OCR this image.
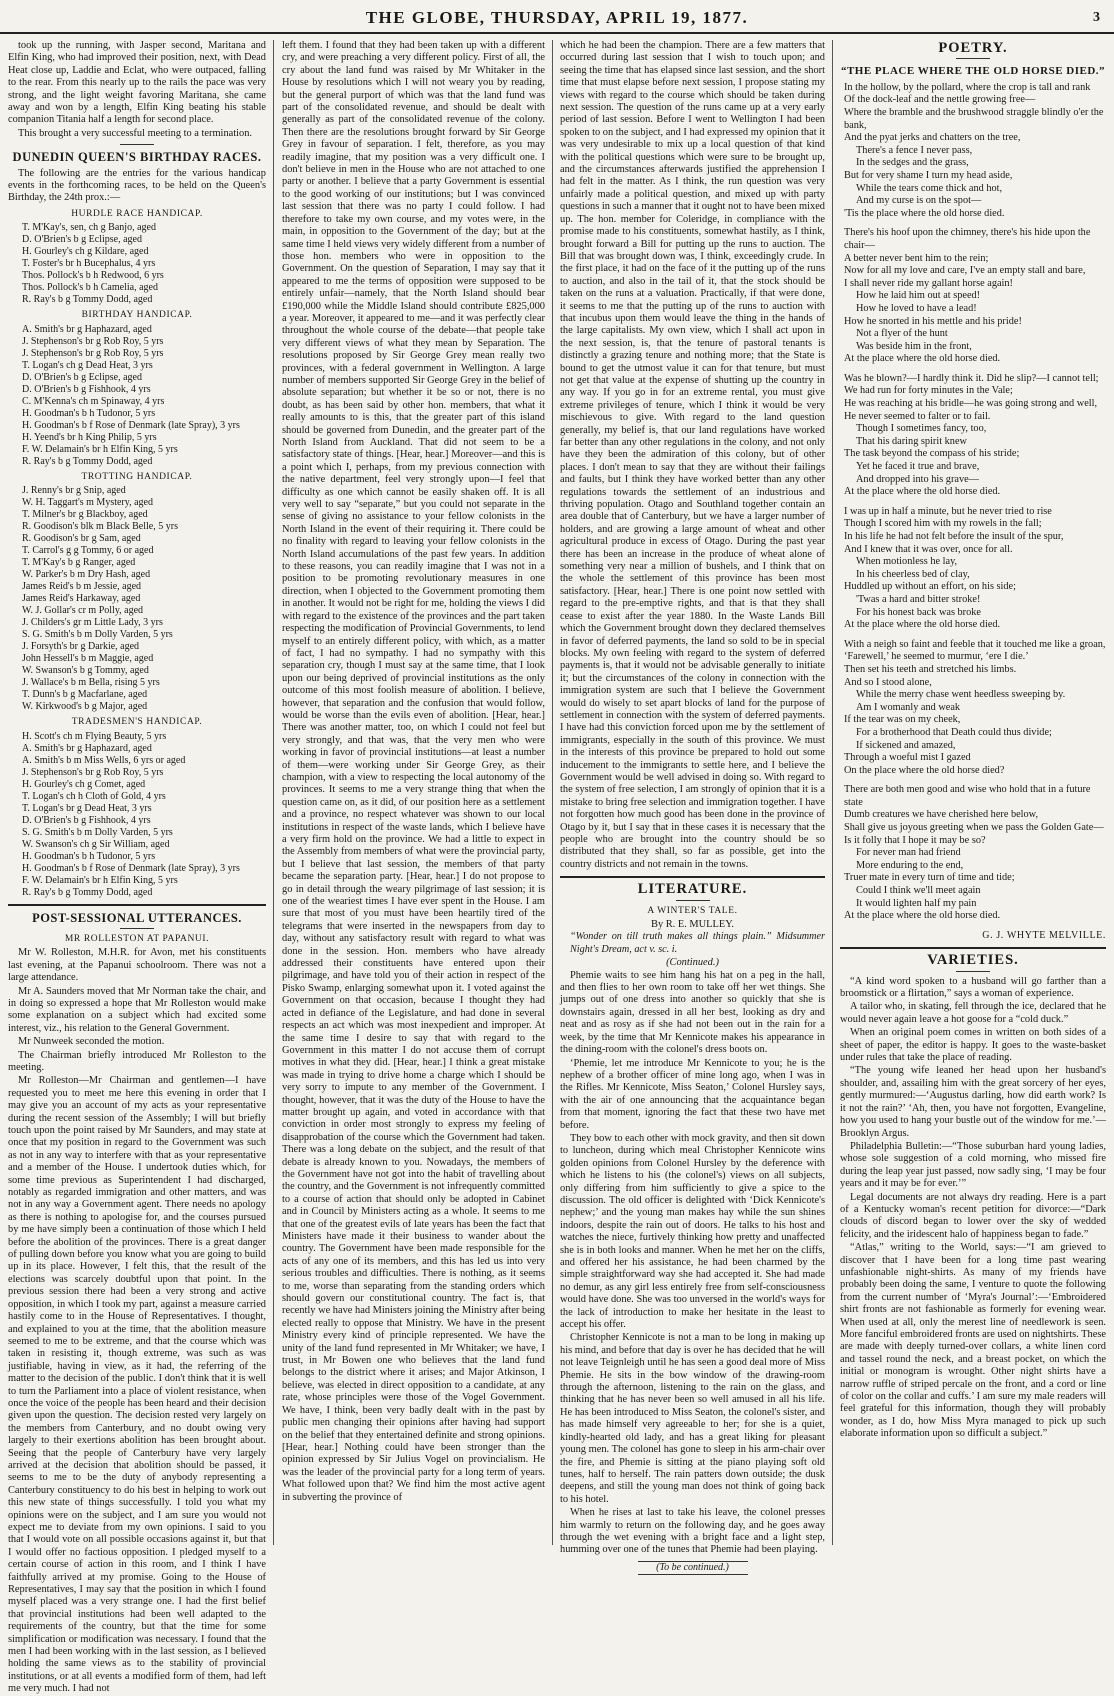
THE GLOBE, THURSDAY, APRIL 19, 1877.	3

took up the running, with Jasper second, Maritana and Elfin King, who had improved their position, next, with Dead Heat close up, Laddie and Eclat, who were outpaced, falling to the rear. From this nearly up to the rails the pace was very strong, and the light weight favoring Maritana, she came away and won by a length, Elfin King beating his stable companion Titania half a length for second place.

This brought a very successful meeting to a termination.

DUNEDIN QUEEN'S BIRTHDAY RACES.

The following are the entries for the various handicap events in the forthcoming races, to be held on the Queen's Birthday, the 24th prox.:—

HURDLE RACE HANDICAP.
T. M'Kay's, sen, ch g Banjo, aged
D. O'Brien's b g Eclipse, aged
H. Gourley's ch g Kildare, aged
T. Foster's br h Bucephalus, 4 yrs
Thos. Pollock's b h Redwood, 6 yrs
Thos. Pollock's b h Camelia, aged
R. Ray's b g Tommy Dodd, aged
BIRTHDAY HANDICAP.
A. Smith's br g Haphazard, aged
J. Stephenson's br g Rob Roy, 5 yrs
J. Stephenson's br g Rob Roy, 5 yrs
T. Logan's ch g Dead Heat, 3 yrs
D. O'Brien's b g Eclipse, aged
D. O'Brien's b g Fishhook, 4 yrs
C. M'Kenna's ch m Spinaway, 4 yrs
H. Goodman's b h Tudonor, 5 yrs
H. Goodman's b f Rose of Denmark (late Spray), 3 yrs
H. Yeend's br h King Philip, 5 yrs
F. W. Delamain's br h Elfin King, 5 yrs
R. Ray's b g Tommy Dodd, aged
TROTTING HANDICAP.
J. Renny's br g Snip, aged
W. H. Taggart's m Mystery, aged
T. Milner's br g Blackboy, aged
R. Goodison's blk m Black Belle, 5 yrs
R. Goodison's br g Sam, aged
T. Carrol's g g Tommy, 6 or aged
T. M'Kay's b g Ranger, aged
W. Parker's b m Dry Hash, aged
James Reid's b m Jessie, aged
James Reid's Harkaway, aged
W. J. Gollar's cr m Polly, aged
J. Childers's gr m Little Lady, 3 yrs
S. G. Smith's b m Dolly Varden, 5 yrs
J. Forsyth's br g Darkie, aged
John Hessell's b m Maggie, aged
W. Swanson's b g Tommy, aged
J. Wallace's b m Bella, rising 5 yrs
T. Dunn's b g Macfarlane, aged
W. Kirkwood's b g Major, aged
TRADESMEN'S HANDICAP.
H. Scott's ch m Flying Beauty, 5 yrs
A. Smith's br g Haphazard, aged
A. Smith's b m Miss Wells, 6 yrs or aged
J. Stephenson's br g Rob Roy, 5 yrs
H. Gourley's ch g Comet, aged
T. Logan's ch h Cloth of Gold, 4 yrs
T. Logan's br g Dead Heat, 3 yrs
D. O'Brien's b g Fishhook, 4 yrs
S. G. Smith's b m Dolly Varden, 5 yrs
W. Swanson's ch g Sir William, aged
H. Goodman's b h Tudonor, 5 yrs
H. Goodman's b f Rose of Denmark (late Spray), 3 yrs
F. W. Delamain's br h Elfin King, 5 yrs
R. Ray's b g Tommy Dodd, aged
POST-SESSIONAL UTTERANCES.
MR ROLLESTON AT PAPANUI.

Mr W. Rolleston, M.H.R. for Avon, met his constituents last evening, at the Papanui schoolroom. There was not a large attendance.

Mr A. Saunders moved that Mr Norman take the chair, and in doing so expressed a hope that Mr Rolleston would make some explanation on a subject which had excited some interest, viz., his relation to the General Government.

Mr Nunweek seconded the motion.

The Chairman briefly introduced Mr Rolleston to the meeting.

Mr Rolleston—Mr Chairman and gentlemen—I have requested you to meet me here this evening in order that I may give you an account of my acts as your representative during the recent session of the Assembly; I will but briefly touch upon the point raised by Mr Saunders, and may state at once that my position in regard to the Government was such as not in any way to interfere with that as your representative and a member of the House. I undertook duties which, for some time previous as Superintendent I had discharged, notably as regarded immigration and other matters, and was not in any way a Government agent. There needs no apology as there is nothing to apologise for, and the courses pursued by me have simply been a continuation of those which I held before the abolition of the provinces. There is a great danger of pulling down before you know what you are going to build up in its place. However, I felt this, that the result of the elections was scarcely doubtful upon that point. In the previous session there had been a very strong and active opposition, in which I took my part, against a measure carried hastily come to in the House of Representatives. I thought, and explained to you at the time, that the abolition measure seemed to me to be extreme, and that the course which was taken in resisting it, though extreme, was such as was justifiable, having in view, as it had, the referring of the matter to the decision of the public. I don't think that it is well to turn the Parliament into a place of violent resistance, when once the voice of the people has been heard and their decision given upon the question. The decision rested very largely on the members from Canterbury, and no doubt owing very largely to their exertions abolition has been brought about. Seeing that the people of Canterbury have very largely arrived at the decision that abolition should be passed, it seems to me to be the duty of anybody representing a Canterbury constituency to do his best in helping to work out this new state of things successfully. I told you what my opinions were on the subject, and I am sure you would not expect me to deviate from my own opinions. I said to you that I would vote on all possible occasions against it, but that I would offer no factious opposition. I pledged myself to a certain course of action in this room, and I think I have faithfully arrived at my promise. Going to the House of Representatives, I may say that the position in which I found myself placed was a very strange one. I had the first belief that provincial institutions had been well adapted to the requirements of the country, but that the time for some simplification or modification was necessary. I found that the men I had been working with in the last session, as I believed holding the same views as to the stability of provincial institutions, or at all events a modified form of them, had left me very much. I had not

left them. I found that they had been taken up with a different cry, and were preaching a very different policy. First of all, the cry about the land fund was raised by Mr Whitaker in the House by resolutions which I will not weary you by reading, but the general purport of which was that the land fund was part of the consolidated revenue, and should be dealt with generally as part of the consolidated revenue of the colony. Then there are the resolutions brought forward by Sir George Grey in favour of separation. I felt, therefore, as you may readily imagine, that my position was a very difficult one. I don't believe in men in the House who are not attached to one party or another. I believe that a party Government is essential to the good working of our institutions; but I was convinced last session that there was no party I could follow. I had therefore to take my own course, and my votes were, in the main, in opposition to the Government of the day; but at the same time I held views very widely different from a number of those hon. members who were in opposition to the Government. On the question of Separation, I may say that it appeared to me the terms of opposition were supposed to be entirely unfair—namely, that the North Island should bear £190,000 while the Middle Island should contribute £825,000 a year. Moreover, it appeared to me—and it was perfectly clear throughout the whole course of the debate—that people take very different views of what they mean by Separation. The resolutions proposed by Sir George Grey mean really two provinces, with a federal government in Wellington. A large number of members supported Sir George Grey in the belief of absolute separation; but whether it be so or not, there is no doubt, as has been said by other hon. members, that what it really amounts to is this, that the greater part of this island should be governed from Dunedin, and the greater part of the North Island from Auckland. That did not seem to be a satisfactory state of things. [Hear, hear.] Moreover—and this is a point which I, perhaps, from my previous connection with the native department, feel very strongly upon—I feel that difficulty as one which cannot be easily shaken off. It is all very well to say “separate,” but you could not separate in the sense of giving no assistance to your fellow colonists in the North Island in the event of their requiring it. There could be no finality with regard to leaving your fellow colonists in the North Island accumulations of the past few years. In addition to these reasons, you can readily imagine that I was not in a position to be promoting revolutionary measures in one direction, when I objected to the Government promoting them in another. It would not be right for me, holding the views I did with regard to the existence of the provinces and the part taken respecting the modification of Provincial Governments, to lend myself to an entirely different policy, with which, as a matter of fact, I had no sympathy. I had no sympathy with this separation cry, though I must say at the same time, that I look upon our being deprived of provincial institutions as the only outcome of this most foolish measure of abolition. I believe, however, that separation and the confusion that would follow, would be worse than the evils even of abolition. [Hear, hear.] There was another matter, too, on which I could not feel but very strongly, and that was, that the very men who were working in favor of provincial institutions—at least a number of them—were working under Sir George Grey, as their champion, with a view to respecting the local autonomy of the provinces. It seems to me a very strange thing that when the question came on, as it did, of our position here as a settlement and a province, no respect whatever was shown to our local institutions in respect of the waste lands, which I believe have a very firm hold on the province. We had a little to expect in the Assembly from members of what were the provincial party, but I believe that last session, the members of that party became the separation party. [Hear, hear.] I do not propose to go in detail through the weary pilgrimage of last session; it is one of the weariest times I have ever spent in the House. I am sure that most of you must have been heartily tired of the telegrams that were inserted in the newspapers from day to day, without any satisfactory result with regard to what was done in the session. Hon. members who have already addressed their constituents have entered upon their pilgrimage, and have told you of their action in respect of the Pisko Swamp, enlarging somewhat upon it. I voted against the Government on that occasion, because I thought they had acted in defiance of the Legislature, and had done in several respects an act which was most inexpedient and improper. At the same time I desire to say that with regard to the Government in this matter I do not accuse them of corrupt motives in what they did. [Hear, hear.] I think a great mistake was made in trying to drive home a charge which I should be very sorry to impute to any member of the Government. I thought, however, that it was the duty of the House to have the matter brought up again, and voted in accordance with that conviction in order most strongly to express my feeling of disapprobation of the course which the Government had taken. There was a long debate on the subject, and the result of that debate is already known to you. Nowadays, the members of the Government have not got into the habit of travelling about the country, and the Government is not infrequently committed to a course of action that should only be adopted in Cabinet and in Council by Ministers acting as a whole. It seems to me that one of the greatest evils of late years has been the fact that Ministers have made it their business to wander about the country. The Government have been made responsible for the acts of any one of its members, and this has led us into very serious troubles and difficulties. There is nothing, as it seems to me, worse than separating from the standing orders which should govern our constitutional country. The fact is, that recently we have had Ministers joining the Ministry after being elected really to oppose that Ministry. We have in the present Ministry every kind of principle represented. We have the unity of the land fund represented in Mr Whitaker; we have, I trust, in Mr Bowen one who believes that the land fund belongs to the district where it arises; and Major Atkinson, I believe, was elected in direct opposition to a candidate, at any rate, whose principles were those of the Vogel Government. We have, I think, been very badly dealt with in the past by public men changing their opinions after having had support on the belief that they entertained definite and strong opinions. [Hear, hear.] Nothing could have been stronger than the opinion expressed by Sir Julius Vogel on provincialism. He was the leader of the provincial party for a long term of years. What followed upon that? We find him the most active agent in subverting the province of

which he had been the champion. There are a few matters that occurred during last session that I wish to touch upon; and seeing the time that has elapsed since last session, and the short time that must elapse before next session, I propose stating my views with regard to the course which should be taken during next session. The question of the runs came up at a very early period of last session. Before I went to Wellington I had been spoken to on the subject, and I had expressed my opinion that it was very undesirable to mix up a local question of that kind with the political questions which were sure to be brought up, and the circumstances afterwards justified the apprehension I had felt in the matter. As I think, the run question was very unfairly made a political question, and mixed up with party questions in such a manner that it ought not to have been mixed up. The hon. member for Coleridge, in compliance with the promise made to his constituents, somewhat hastily, as I think, brought forward a Bill for putting up the runs to auction. The Bill that was brought down was, I think, exceedingly crude. In the first place, it had on the face of it the putting up of the runs to auction, and also in the tail of it, that the stock should be taken on the runs at a valuation. Practically, if that were done, it seems to me that the putting up of the runs to auction with that incubus upon them would leave the thing in the hands of the large capitalists. My own view, which I shall act upon in the next session, is, that the tenure of pastoral tenants is distinctly a grazing tenure and nothing more; that the State is bound to get the utmost value it can for that tenure, but must not get that value at the expense of shutting up the country in any way. If you go in for an extreme rental, you must give extreme privileges of tenure, which I think it would be very mischievous to give. With regard to the land question generally, my belief is, that our land regulations have worked far better than any other regulations in the colony, and not only have they been the admiration of this colony, but of other places. I don't mean to say that they are without their failings and faults, but I think they have worked better than any other regulations towards the settlement of an industrious and thriving population. Otago and Southland together contain an area double that of Canterbury, but we have a larger number of holders, and are growing a large amount of wheat and other agricultural produce in excess of Otago. During the past year there has been an increase in the produce of wheat alone of something very near a million of bushels, and I think that on the whole the settlement of this province has been most satisfactory. [Hear, hear.] There is one point now settled with regard to the pre-emptive rights, and that is that they shall cease to exist after the year 1880. In the Waste Lands Bill which the Government brought down they declared themselves in favor of deferred payments, the land so sold to be in special blocks. My own feeling with regard to the system of deferred payments is, that it would not be advisable generally to initiate it; but the circumstances of the colony in connection with the immigration system are such that I believe the Government would do wisely to set apart blocks of land for the purpose of settlement in connection with the system of deferred payments. I have had this conviction forced upon me by the settlement of immigrants, especially in the south of this province. We must in the interests of this province be prepared to hold out some inducement to the immigrants to settle here, and I believe the Government would be well advised in doing so. With regard to the system of free selection, I am strongly of opinion that it is a mistake to bring free selection and immigration together. I have not forgotten how much good has been done in the province of Otago by it, but I say that in these cases it is necessary that the people who are brought into the country should be so distributed that they shall, so far as possible, get into the country districts and not remain in the towns.

LITERATURE.
A WINTER'S TALE.
By R. E. MULLEY.

“Wonder on till truth makes all things plain.” Midsummer Night's Dream, act v. sc. i.

(Continued.)

Phemie waits to see him hang his hat on a peg in the hall, and then flies to her own room to take off her wet things. She jumps out of one dress into another so quickly that she is downstairs again, dressed in all her best, looking as dry and neat and as rosy as if she had not been out in the rain for a week, by the time that Mr Kennicote makes his appearance in the dining-room with the colonel's dress boots on.

‘Phemie, let me introduce Mr Kennicote to you; he is the nephew of a brother officer of mine long ago, when I was in the Rifles. Mr Kennicote, Miss Seaton,’ Colonel Hursley says, with the air of one announcing that the acquaintance began from that moment, ignoring the fact that these two have met before.

They bow to each other with mock gravity, and then sit down to luncheon, during which meal Christopher Kennicote wins golden opinions from Colonel Hursley by the deference with which he listens to his (the colonel's) views on all subjects, only differing from him sufficiently to give a spice to the discussion. The old officer is delighted with ‘Dick Kennicote's nephew;’ and the young man makes hay while the sun shines indoors, despite the rain out of doors. He talks to his host and watches the niece, furtively thinking how pretty and unaffected she is in both looks and manner. When he met her on the cliffs, and offered her his assistance, he had been charmed by the simple straightforward way she had accepted it. She had made no demur, as any girl less entirely free from self-consciousness would have done. She was too unversed in the world's ways for the lack of introduction to make her hesitate in the least to accept his offer.

Christopher Kennicote is not a man to be long in making up his mind, and before that day is over he has decided that he will not leave Teignleigh until he has seen a good deal more of Miss Phemie. He sits in the bow window of the drawing-room through the afternoon, listening to the rain on the glass, and thinking that he has never been so well amused in all his life. He has been introduced to Miss Seaton, the colonel's sister, and has made himself very agreeable to her; for she is a quiet, kindly-hearted old lady, and has a great liking for pleasant young men. The colonel has gone to sleep in his arm-chair over the fire, and Phemie is sitting at the piano playing soft old tunes, half to herself. The rain patters down outside; the dusk deepens, and still the young man does not think of going back to his hotel.

When he rises at last to take his leave, the colonel presses him warmly to return on the following day, and he goes away through the wet evening with a bright face and a light step, humming over one of the tunes that Phemie had been playing.

(To be continued.)
POETRY.
“THE PLACE WHERE THE OLD HORSE DIED.”
In the hollow, by the pollard, where the crop is tall and rank
Of the dock-leaf and the nettle growing free—
Where the bramble and the brushwood straggle blindly o'er the bank,
And the pyat jerks and chatters on the tree,
There's a fence I never pass,
In the sedges and the grass,
But for very shame I turn my head aside,
While the tears come thick and hot,
And my curse is on the spot—
'Tis the place where the old horse died.
There's his hoof upon the chimney, there's his hide upon the chair—
A better never bent him to the rein;
Now for all my love and care, I've an empty stall and bare,
I shall never ride my gallant horse again!
How he laid him out at speed!
How he loved to have a lead!
How he snorted in his mettle and his pride!
Not a flyer of the hunt
Was beside him in the front,
At the place where the old horse died.
Was he blown?—I hardly think it. Did he slip?—I cannot tell;
We had run for forty minutes in the Vale;
He was reaching at his bridle—he was going strong and well,
He never seemed to falter or to fail.
Though I sometimes fancy, too,
That his daring spirit knew
The task beyond the compass of his stride;
Yet he faced it true and brave,
And dropped into his grave—
At the place where the old horse died.
I was up in half a minute, but he never tried to rise
Though I scored him with my rowels in the fall;
In his life he had not felt before the insult of the spur,
And I knew that it was over, once for all.
When motionless he lay,
In his cheerless bed of clay,
Huddled up without an effort, on his side;
'Twas a hard and bitter stroke!
For his honest back was broke
At the place where the old horse died.
With a neigh so faint and feeble that it touched me like a groan,
‘Farewell,’ he seemed to murmur, ‘ere I die.’
Then set his teeth and stretched his limbs.
And so I stood alone,
While the merry chase went heedless sweeping by.
Am I womanly and weak
If the tear was on my cheek,
For a brotherhood that Death could thus divide;
If sickened and amazed,
Through a woeful mist I gazed
On the place where the old horse died?
There are both men good and wise who hold that in a future state
Dumb creatures we have cherished here below,
Shall give us joyous greeting when we pass the Golden Gate—
Is it folly that I hope it may be so?
For never man had friend
More enduring to the end,
Truer mate in every turn of time and tide;
Could I think we'll meet again
It would lighten half my pain
At the place where the old horse died.
G. J. WHYTE MELVILLE.
VARIETIES.

“A kind word spoken to a husband will go farther than a broomstick or a flirtation,” says a woman of experience.

A tailor who, in skating, fell through the ice, declared that he would never again leave a hot goose for a “cold duck.”

When an original poem comes in written on both sides of a sheet of paper, the editor is happy. It goes to the waste-basket under rules that take the place of reading.

“The young wife leaned her head upon her husband's shoulder, and, assailing him with the great sorcery of her eyes, gently murmured:—‘Augustus darling, how did earth work? Is it not the rain?’ ‘Ah, then, you have not forgotten, Evangeline, how you used to hang your bustle out of the window for me.’—Brooklyn Argus.

Philadelphia Bulletin:—“Those suburban hard young ladies, whose sole suggestion of a cold morning, who missed fire during the leap year just passed, now sadly sing, ‘I may be four years and it may be for ever.’”

Legal documents are not always dry reading. Here is a part of a Kentucky woman's recent petition for divorce:—“Dark clouds of discord began to lower over the sky of wedded felicity, and the iridescent halo of happiness began to fade.”

“Atlas,” writing to the World, says:—“I am grieved to discover that I have been for a long time past wearing unfashionable night-shirts. As many of my friends have probably been doing the same, I venture to quote the following from the current number of ‘Myra's Journal’:—‘Embroidered shirt fronts are not fashionable as formerly for evening wear. When used at all, only the merest line of needlework is seen. More fanciful embroidered fronts are used on nightshirts. These are made with deeply turned-over collars, a white linen cord and tassel round the neck, and a breast pocket, on which the initial or monogram is wrought. Other night shirts have a narrow ruffle of striped percale on the front, and a cord or line of color on the collar and cuffs.’ I am sure my male readers will feel grateful for this information, though they will probably wonder, as I do, how Miss Myra managed to pick up such elaborate information upon so difficult a subject.”
